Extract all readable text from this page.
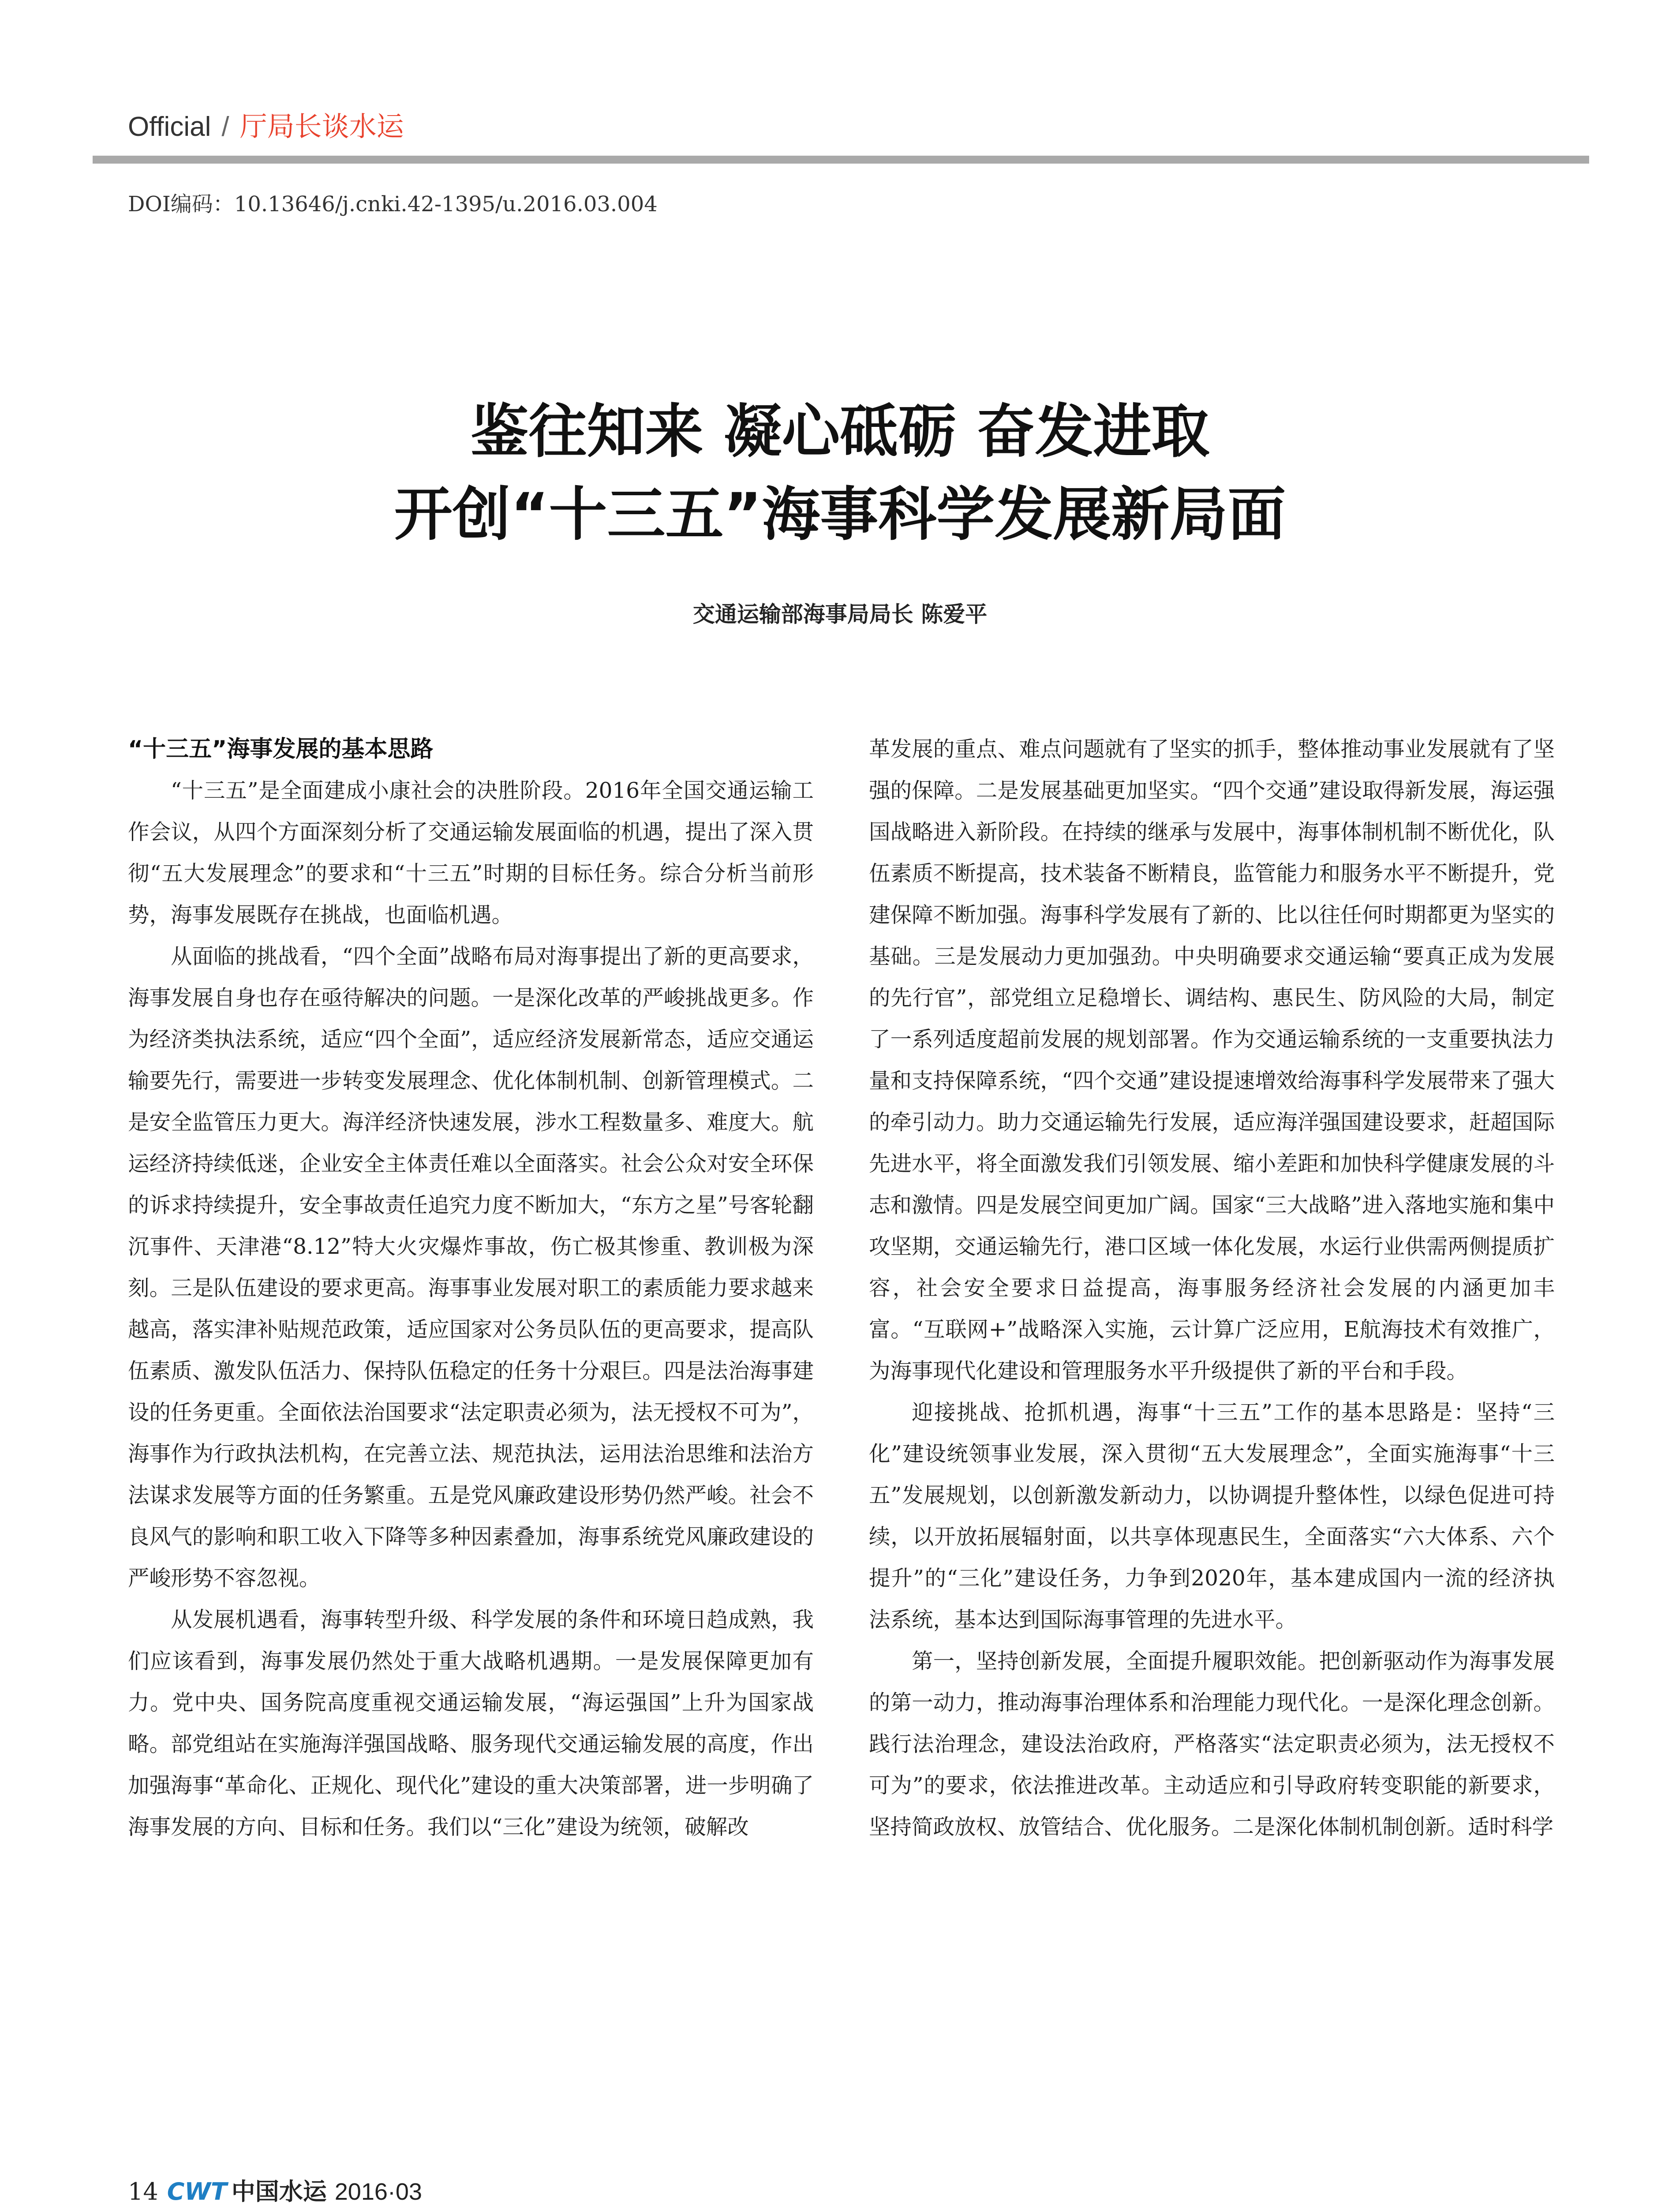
Official / 厅局长谈水运
DOI编码：10.13646/j.cnki.42-1395/u.2016.03.004
鉴往知来 凝心砥砺 奋发进取
开创“十三五”海事科学发展新局面
交通运输部海事局局长 陈爱平
“十三五”海事发展的基本思路

“十三五”是全面建成小康社会的决胜阶段。2016年全国交通运输工作会议，从四个方面深刻分析了交通运输发展面临的机遇，提出了深入贯彻“五大发展理念”的要求和“十三五”时期的目标任务。综合分析当前形势，海事发展既存在挑战，也面临机遇。

从面临的挑战看，“四个全面”战略布局对海事提出了新的更高要求，海事发展自身也存在亟待解决的问题。一是深化改革的严峻挑战更多。作为经济类执法系统，适应“四个全面”，适应经济发展新常态，适应交通运输要先行，需要进一步转变发展理念、优化体制机制、创新管理模式。二是安全监管压力更大。海洋经济快速发展，涉水工程数量多、难度大。航运经济持续低迷，企业安全主体责任难以全面落实。社会公众对安全环保的诉求持续提升，安全事故责任追究力度不断加大，“东方之星”号客轮翻沉事件、天津港“8.12”特大火灾爆炸事故，伤亡极其惨重、教训极为深刻。三是队伍建设的要求更高。海事事业发展对职工的素质能力要求越来越高，落实津补贴规范政策，适应国家对公务员队伍的更高要求，提高队伍素质、激发队伍活力、保持队伍稳定的任务十分艰巨。四是法治海事建设的任务更重。全面依法治国要求“法定职责必须为，法无授权不可为”，海事作为行政执法机构，在完善立法、规范执法，运用法治思维和法治方法谋求发展等方面的任务繁重。五是党风廉政建设形势仍然严峻。社会不良风气的影响和职工收入下降等多种因素叠加，海事系统党风廉政建设的严峻形势不容忽视。

从发展机遇看，海事转型升级、科学发展的条件和环境日趋成熟，我们应该看到，海事发展仍然处于重大战略机遇期。一是发展保障更加有力。党中央、国务院高度重视交通运输发展，“海运强国”上升为国家战略。部党组站在实施海洋强国战略、服务现代交通运输发展的高度，作出加强海事“革命化、正规化、现代化”建设的重大决策部署，进一步明确了海事发展的方向、目标和任务。我们以“三化”建设为统领，破解改

革发展的重点、难点问题就有了坚实的抓手，整体推动事业发展就有了坚强的保障。二是发展基础更加坚实。“四个交通”建设取得新发展，海运强国战略进入新阶段。在持续的继承与发展中，海事体制机制不断优化，队伍素质不断提高，技术装备不断精良，监管能力和服务水平不断提升，党建保障不断加强。海事科学发展有了新的、比以往任何时期都更为坚实的基础。三是发展动力更加强劲。中央明确要求交通运输“要真正成为发展的先行官”，部党组立足稳增长、调结构、惠民生、防风险的大局，制定了一系列适度超前发展的规划部署。作为交通运输系统的一支重要执法力量和支持保障系统，“四个交通”建设提速增效给海事科学发展带来了强大的牵引动力。助力交通运输先行发展，适应海洋强国建设要求，赶超国际先进水平，将全面激发我们引领发展、缩小差距和加快科学健康发展的斗志和激情。四是发展空间更加广阔。国家“三大战略”进入落地实施和集中攻坚期，交通运输先行，港口区域一体化发展，水运行业供需两侧提质扩容，社会安全要求日益提高，海事服务经济社会发展的内涵更加丰富。“互联网+”战略深入实施，云计算广泛应用，E航海技术有效推广，为海事现代化建设和管理服务水平升级提供了新的平台和手段。

迎接挑战、抢抓机遇，海事“十三五”工作的基本思路是：坚持“三化”建设统领事业发展，深入贯彻“五大发展理念”，全面实施海事“十三五”发展规划，以创新激发新动力，以协调提升整体性，以绿色促进可持续，以开放拓展辐射面，以共享体现惠民生，全面落实“六大体系、六个提升”的“三化”建设任务，力争到2020年，基本建成国内一流的经济执法系统，基本达到国际海事管理的先进水平。

第一，坚持创新发展，全面提升履职效能。把创新驱动作为海事发展的第一动力，推动海事治理体系和治理能力现代化。一是深化理念创新。践行法治理念，建设法治政府，严格落实“法定职责必须为，法无授权不可为”的要求，依法推进改革。主动适应和引导政府转变职能的新要求，坚持简政放权、放管结合、优化服务。二是深化体制机制创新。适时科学

14 CWT 中国水运 2016·03
